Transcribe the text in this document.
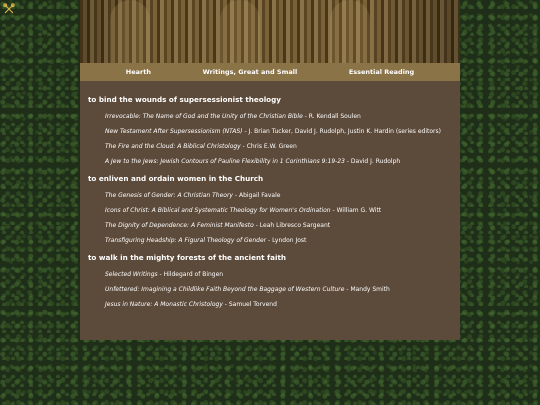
Hearth	Writings, Great and Small	Essential Reading
to bind the wounds of supersessionist theology
Irrevocable: The Name of God and the Unity of the Christian Bible - R. Kendall Soulen
New Testament After Supersessionism (NTAS) - J. Brian Tucker, David J. Rudolph, Justin K. Hardin (series editors)
The Fire and the Cloud: A Biblical Christology - Chris E.W. Green
A Jew to the Jews: Jewish Contours of Pauline Flexibility in 1 Corinthians 9:19-23 - David J. Rudolph
to enliven and ordain women in the Church
The Genesis of Gender: A Christian Theory - Abigail Favale
Icons of Christ: A Biblical and Systematic Theology for Women's Ordination - William G. Witt
The Dignity of Dependence: A Feminist Manifesto - Leah Libresco Sargeant
Transfiguring Headship: A Figural Theology of Gender - Lyndon Jost
to walk in the mighty forests of the ancient faith
Selected Writings - Hildegard of Bingen
Unfettered: Imagining a Childlike Faith Beyond the Baggage of Western Culture - Mandy Smith
Jesus in Nature: A Monastic Christology - Samuel Torvend
